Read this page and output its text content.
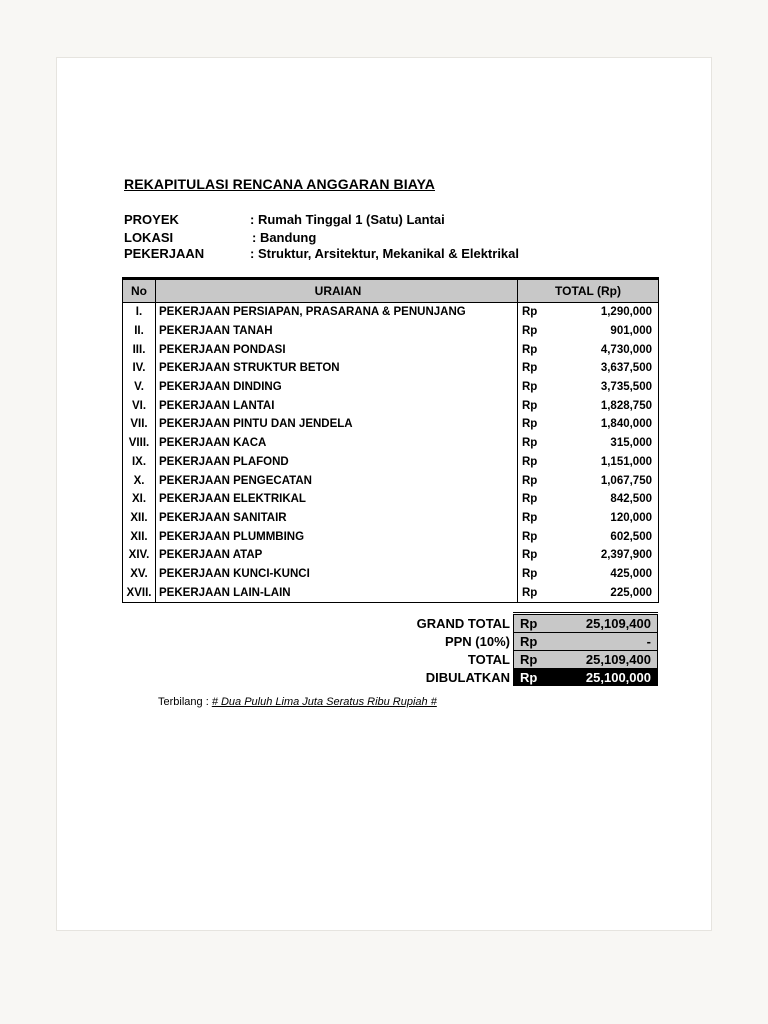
REKAPITULASI RENCANA ANGGARAN BIAYA
PROYEK	: Rumah Tinggal 1 (Satu) Lantai
LOKASI	: Bandung
PEKERJAAN	: Struktur, Arsitektur, Mekanikal & Elektrikal
No	URAIAN	TOTAL (Rp)	
I.	PEKERJAAN PERSIAPAN, PRASARANA & PENUNJANG	Rp	1,290,000
II.	PEKERJAAN TANAH	Rp	901,000
III.	PEKERJAAN PONDASI	Rp	4,730,000
IV.	PEKERJAAN STRUKTUR BETON	Rp	3,637,500
V.	PEKERJAAN DINDING	Rp	3,735,500
VI.	PEKERJAAN LANTAI	Rp	1,828,750
VII.	PEKERJAAN PINTU DAN JENDELA	Rp	1,840,000
VIII.	PEKERJAAN KACA	Rp	315,000
IX.	PEKERJAAN PLAFOND	Rp	1,151,000
X.	PEKERJAAN PENGECATAN	Rp	1,067,750
XI.	PEKERJAAN ELEKTRIKAL	Rp	842,500
XII.	PEKERJAAN SANITAIR	Rp	120,000
XII.	PEKERJAAN PLUMMBING	Rp	602,500
XIV.	PEKERJAAN ATAP	Rp	2,397,900
XV.	PEKERJAAN KUNCI-KUNCI	Rp	425,000
XVII.	PEKERJAAN LAIN-LAIN	Rp	225,000
GRAND TOTAL	Rp	25,109,400
PPN (10%)	Rp	-
TOTAL	Rp	25,109,400
DIBULATKAN	Rp	25,100,000
Terbilang : # Dua Puluh Lima Juta Seratus Ribu Rupiah #
